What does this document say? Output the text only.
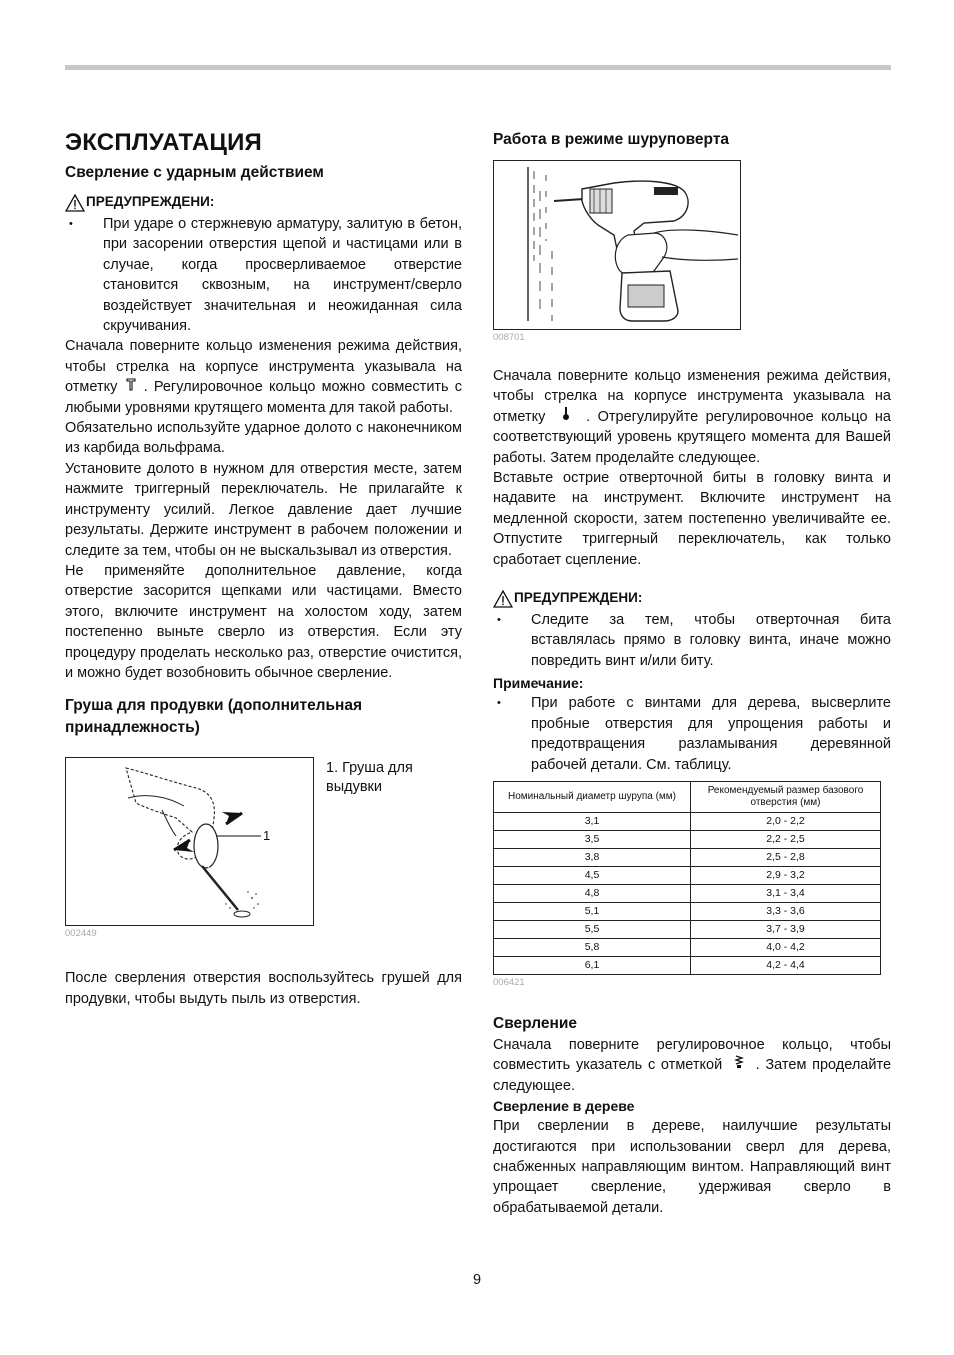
ЭКСПЛУАТАЦИЯ
Сверление с ударным действием
ПРЕДУПРЕЖДЕНИ:
•	При ударе о стержневую арматуру, залитую в бетон, при засорении отверстия щепой и частицами или в случае, когда просверливаемое отверстие становится сквозным, на инструмент/сверло воздействует значительная и неожиданная сила скручивания.

Сначала поверните кольцо изменения режима действия, чтобы стрелка на корпусе инструмента указывала на отметку . Регулировочное кольцо можно совместить с любыми уровнями крутящего момента для такой работы.

Обязательно используйте ударное долото с наконечником из карбида вольфрама.

Установите долото в нужном для отверстия месте, затем нажмите триггерный переключатель. Не прилагайте к инструменту усилий. Легкое давление дает лучшие результаты. Держите инструмент в рабочем положении и следите за тем, чтобы он не выскальзывал из отверстия.

Не применяйте дополнительное давление, когда отверстие засорится щепками или частицами. Вместо этого, включите инструмент на холостом ходу, затем постепенно выньте сверло из отверстия. Если эту процедуру проделать несколько раз, отверстие очистится, и можно будет возобновить обычное сверление.

Груша для продувки (дополнительная принадлежность)
1
1. Груша для выдувки
002449

После сверления отверстия воспользуйтесь грушей для продувки, чтобы выдуть пыль из отверстия.

Работа в режиме шуруповерта
008701

Сначала поверните кольцо изменения режима действия, чтобы стрелка на корпусе инструмента указывала на отметку	. Отрегулируйте регулировочное кольцо на соответствующий уровень крутящего момента для Вашей работы. Затем проделайте следующее.

Вставьте острие отверточной биты в головку винта и надавите на инструмент. Включите инструмент на медленной скорости, затем постепенно увеличивайте ее. Отпустите триггерный переключатель, как только сработает сцепление.

ПРЕДУПРЕЖДЕНИ:
•	Следите за тем, чтобы отверточная бита вставлялась прямо в головку винта, иначе можно повредить винт и/или биту.
Примечание:
•	При работе с винтами для дерева, высверлите пробные отверстия для упрощения работы и предотвращения разламывания деревянной рабочей детали. См. таблицу.
Номинальный диаметр шурупа (мм)	Рекомендуемый размер базового отверстия (мм)
3,1	2,0 - 2,2
3,5	2,2 - 2,5
3,8	2,5 - 2,8
4,5	2,9 - 3,2
4,8	3,1 - 3,4
5,1	3,3 - 3,6
5,5	3,7 - 3,9
5,8	4,0 - 4,2
6,1	4,2 - 4,4
006421
Сверление

Сначала поверните регулировочное кольцо, чтобы совместить указатель с отметкой . Затем проделайте следующее.

Сверление в дереве

При сверлении в дереве, наилучшие результаты достигаются при использовании сверл для дерева, снабженных направляющим винтом. Направляющий винт упрощает сверление, удерживая сверло в обрабатываемой детали.

9
